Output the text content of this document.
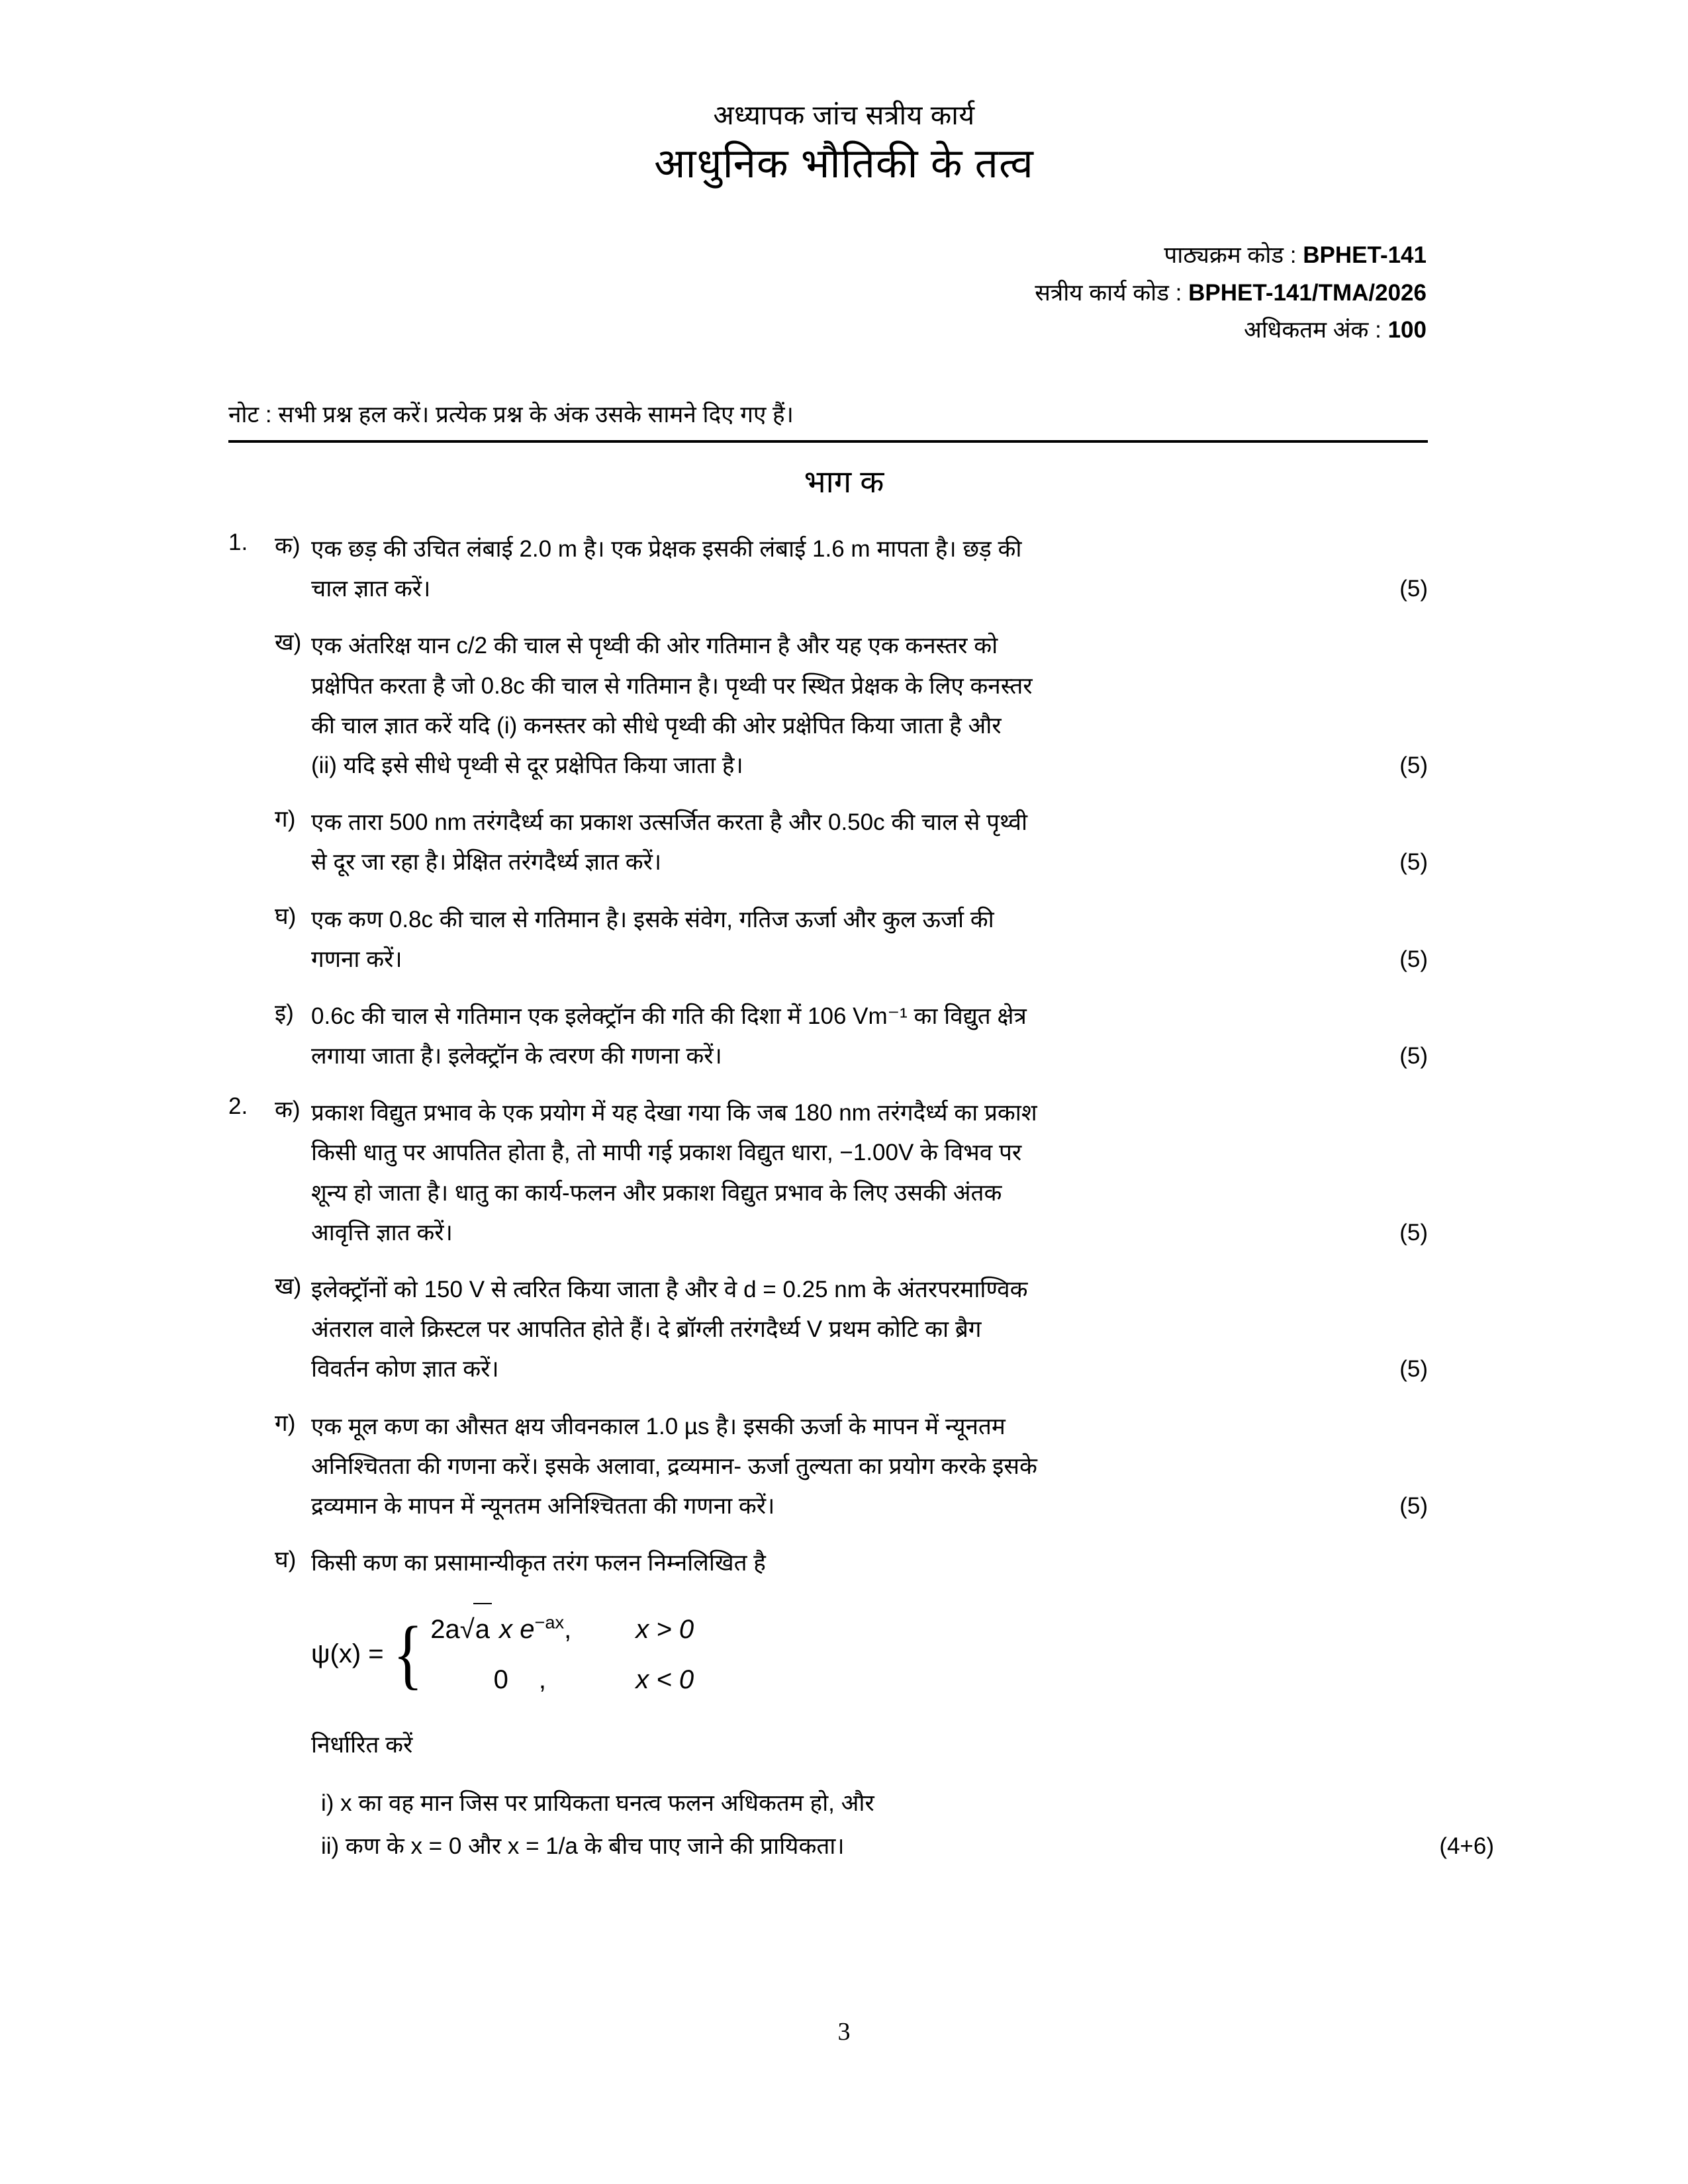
अध्यापक जांच सत्रीय कार्य
आधुनिक भौतिकी के तत्व
पाठ्यक्रम कोड : BPHET-141
सत्रीय कार्य कोड : BPHET-141/TMA/2026
अधिकतम अंक : 100
नोट : सभी प्रश्न हल करें। प्रत्येक प्रश्न के अंक उसके सामने दिए गए हैं।
भाग क
1.	क) एक छड़ की उचित लंबाई 2.0 m है। एक प्रेक्षक इसकी लंबाई 1.6 m मापता है। छड़ की
चाल ज्ञात करें।	(5)
ख) एक अंतरिक्ष यान c/2 की चाल से पृथ्वी की ओर गतिमान है और यह एक कनस्तर को
प्रक्षेपित करता है जो 0.8c की चाल से गतिमान है। पृथ्वी पर स्थित प्रेक्षक के लिए कनस्तर
की चाल ज्ञात करें यदि (i) कनस्तर को सीधे पृथ्वी की ओर प्रक्षेपित किया जाता है और
(ii) यदि इसे सीधे पृथ्वी से दूर प्रक्षेपित किया जाता है।	(5)
ग) एक तारा 500 nm तरंगदैर्ध्य का प्रकाश उत्सर्जित करता है और 0.50c की चाल से पृथ्वी
से दूर जा रहा है। प्रेक्षित तरंगदैर्ध्य ज्ञात करें।	(5)
घ) एक कण 0.8c की चाल से गतिमान है। इसके संवेग, गतिज ऊर्जा और कुल ऊर्जा की
गणना करें।	(5)
इ) 0.6c की चाल से गतिमान एक इलेक्ट्रॉन की गति की दिशा में 106 Vm⁻¹ का विद्युत क्षेत्र
लगाया जाता है। इलेक्ट्रॉन के त्वरण की गणना करें।	(5)
2.	क) प्रकाश विद्युत प्रभाव के एक प्रयोग में यह देखा गया कि जब 180 nm तरंगदैर्ध्य का प्रकाश
किसी धातु पर आपतित होता है, तो मापी गई प्रकाश विद्युत धारा, −1.00V के विभव पर
शून्य हो जाता है। धातु का कार्य-फलन और प्रकाश विद्युत प्रभाव के लिए उसकी अंतक
आवृत्ति ज्ञात करें।	(5)
ख) इलेक्ट्रॉनों को 150 V से त्वरित किया जाता है और वे d = 0.25 nm के अंतरपरमाण्विक
अंतराल वाले क्रिस्टल पर आपतित होते हैं। दे ब्रॉग्ली तरंगदैर्ध्य V प्रथम कोटि का ब्रैग
विवर्तन कोण ज्ञात करें।	(5)
ग) एक मूल कण का औसत क्षय जीवनकाल 1.0 µs है। इसकी ऊर्जा के मापन में न्यूनतम
अनिश्चितता की गणना करें। इसके अलावा, द्रव्यमान- ऊर्जा तुल्यता का प्रयोग करके इसके
द्रव्यमान के मापन में न्यूनतम अनिश्चितता की गणना करें।	(5)
घ) किसी कण का प्रसामान्यीकृत तरंग फलन निम्नलिखित है
ψ(x) = { 2a√a x $e^{-ax}$,	x > 0
0 ,	x < 0
निर्धारित करें
i) x का वह मान जिस पर प्रायिकता घनत्व फलन अधिकतम हो, और
ii) कण के x = 0 और x = 1/a के बीच पाए जाने की प्रायिकता।	(4+6)
3
